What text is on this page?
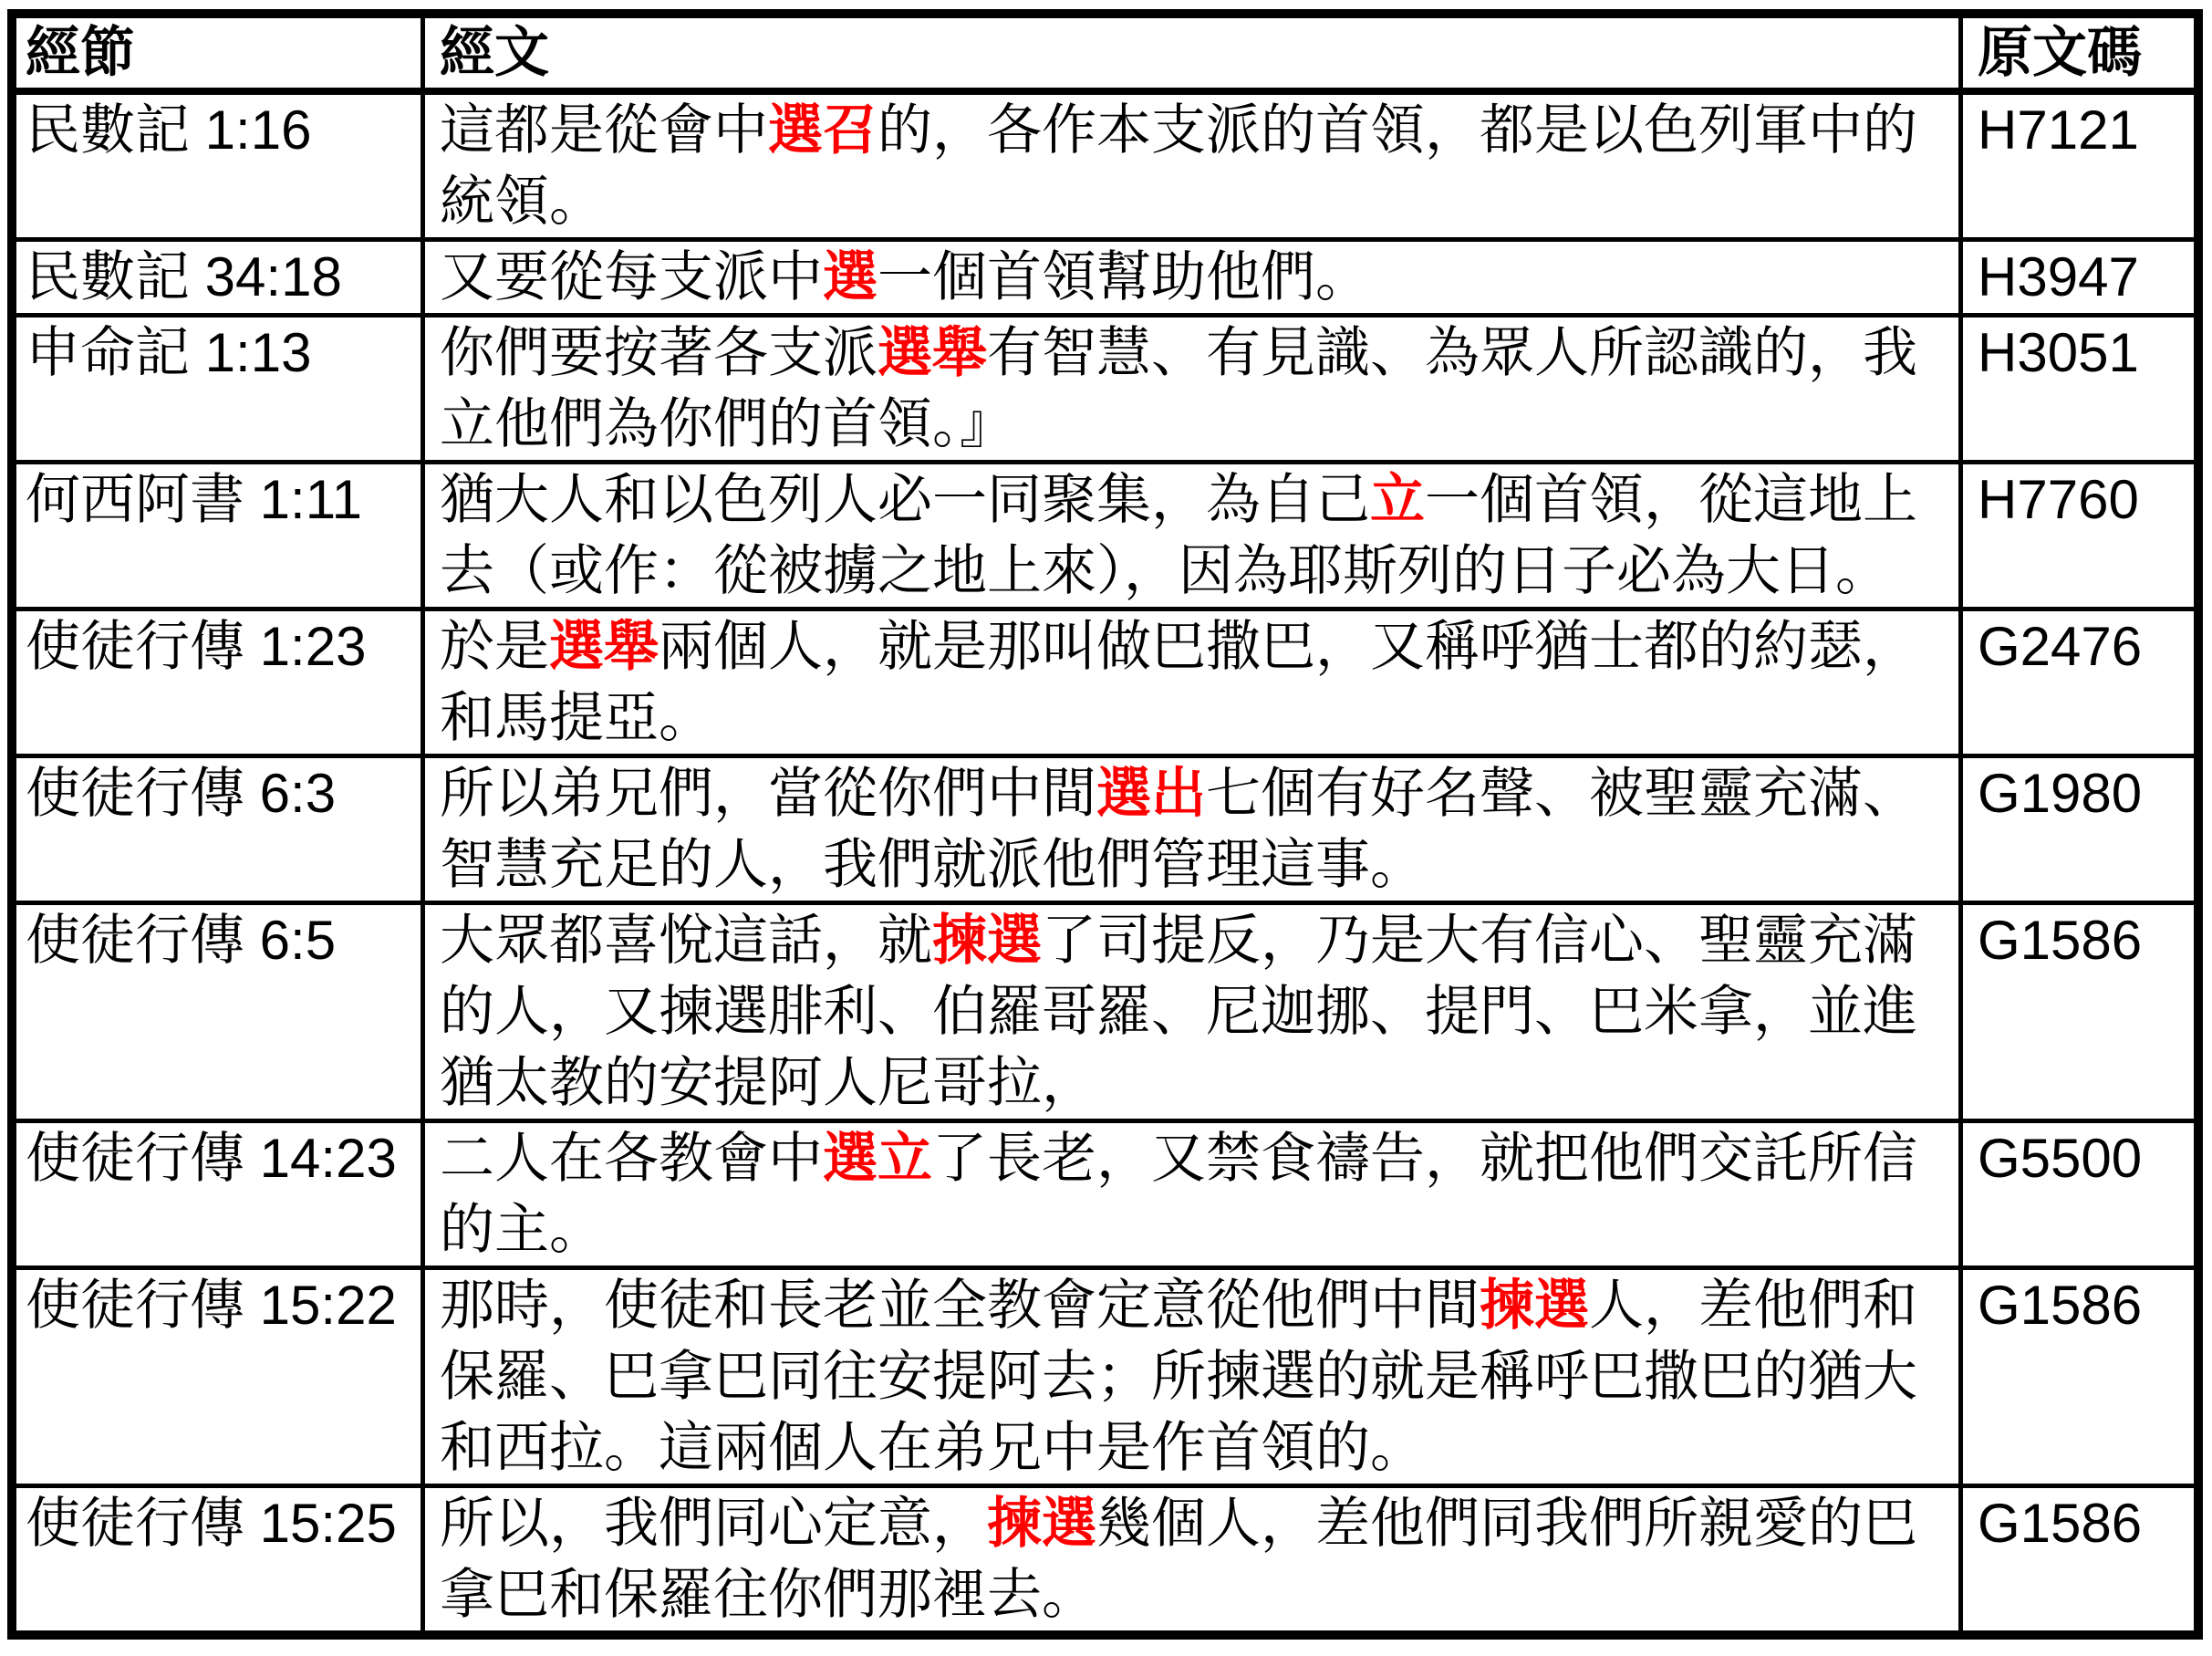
經節	經文	原文碼

民數記 1:16	這都是從會中選召的，各作本支派的首領，都是以色列軍中的
統領。	H7121

民數記 34:18	又要從每支派中選一個首領幫助他們。	H3947

申命記 1:13	你們要按著各支派選舉有智慧、有見識、為眾人所認識的，我
立他們為你們的首領。』	H3051

何西阿書 1:11	猶大人和以色列人必一同聚集，為自己立一個首領，從這地上
去（或作：從被擄之地上來），因為耶斯列的日子必為大日。	H7760

使徒行傳 1:23	於是選舉兩個人，就是那叫做巴撒巴，又稱呼猶士都的約瑟，
和馬提亞。	G2476

使徒行傳 6:3	所以弟兄們，當從你們中間選出七個有好名聲、被聖靈充滿、
智慧充足的人，我們就派他們管理這事。	G1980

使徒行傳 6:5	大眾都喜悅這話，就揀選了司提反，乃是大有信心、聖靈充滿
的人，又揀選腓利、伯羅哥羅、尼迦挪、提門、巴米拿，並進
猶太教的安提阿人尼哥拉，	G1586

使徒行傳 14:23	二人在各教會中選立了長老，又禁食禱告，就把他們交託所信
的主。	G5500

使徒行傳 15:22	那時，使徒和長老並全教會定意從他們中間揀選人，差他們和
保羅、巴拿巴同往安提阿去；所揀選的就是稱呼巴撒巴的猶大
和西拉。這兩個人在弟兄中是作首領的。	G1586

使徒行傳 15:25	所以，我們同心定意，揀選幾個人，差他們同我們所親愛的巴
拿巴和保羅往你們那裡去。	G1586
